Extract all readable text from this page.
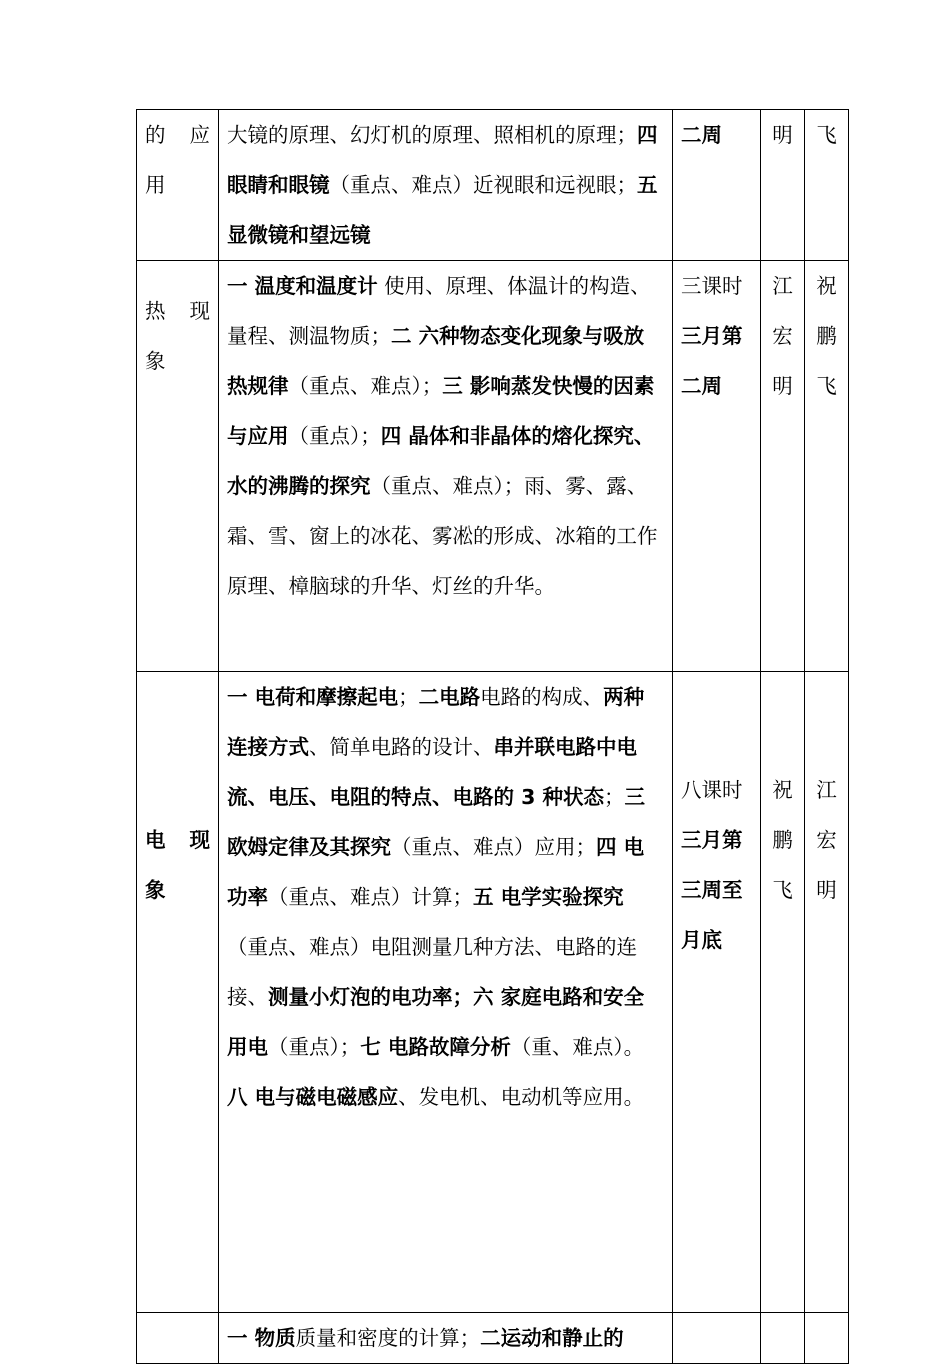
的 应
用	大镜的原理、幻灯机的原理、照相机的原理；四 眼睛和眼镜（重点、难点）近视眼和远视眼；五 显微镜和望远镜	二周	明	飞

热 现
象	一 温度和温度计 使用、原理、体温计的构造、量程、测温物质；二 六种物态变化现象与吸放热规律（重点、难点）；三 影响蒸发快慢的因素与应用（重点）；四 晶体和非晶体的熔化探究、水的沸腾的探究（重点、难点）；雨、雾、露、霜、雪、窗上的冰花、雾凇的形成、冰箱的工作原理、樟脑球的升华、灯丝的升华。	三课时
三月第
二周	江
宏
明	祝
鹏
飞

电 现
象	一 电荷和摩擦起电；二电路电路的构成、两种连接方式、简单电路的设计、串并联电路中电流、电压、电阻的特点、电路的 3 种状态；三 欧姆定律及其探究（重点、难点）应用；四 电功率（重点、难点）计算；五 电学实验探究（重点、难点）电阻测量几种方法、电路的连接、测量小灯泡的电功率；六 家庭电路和安全用电（重点）；七 电路故障分析（重、难点）。八 电与磁电磁感应、发电机、电动机等应用。	八课时
三月第
三周至
月底	祝
鹏
飞	江
宏
明

	一 物质质量和密度的计算；二运动和静止的			
